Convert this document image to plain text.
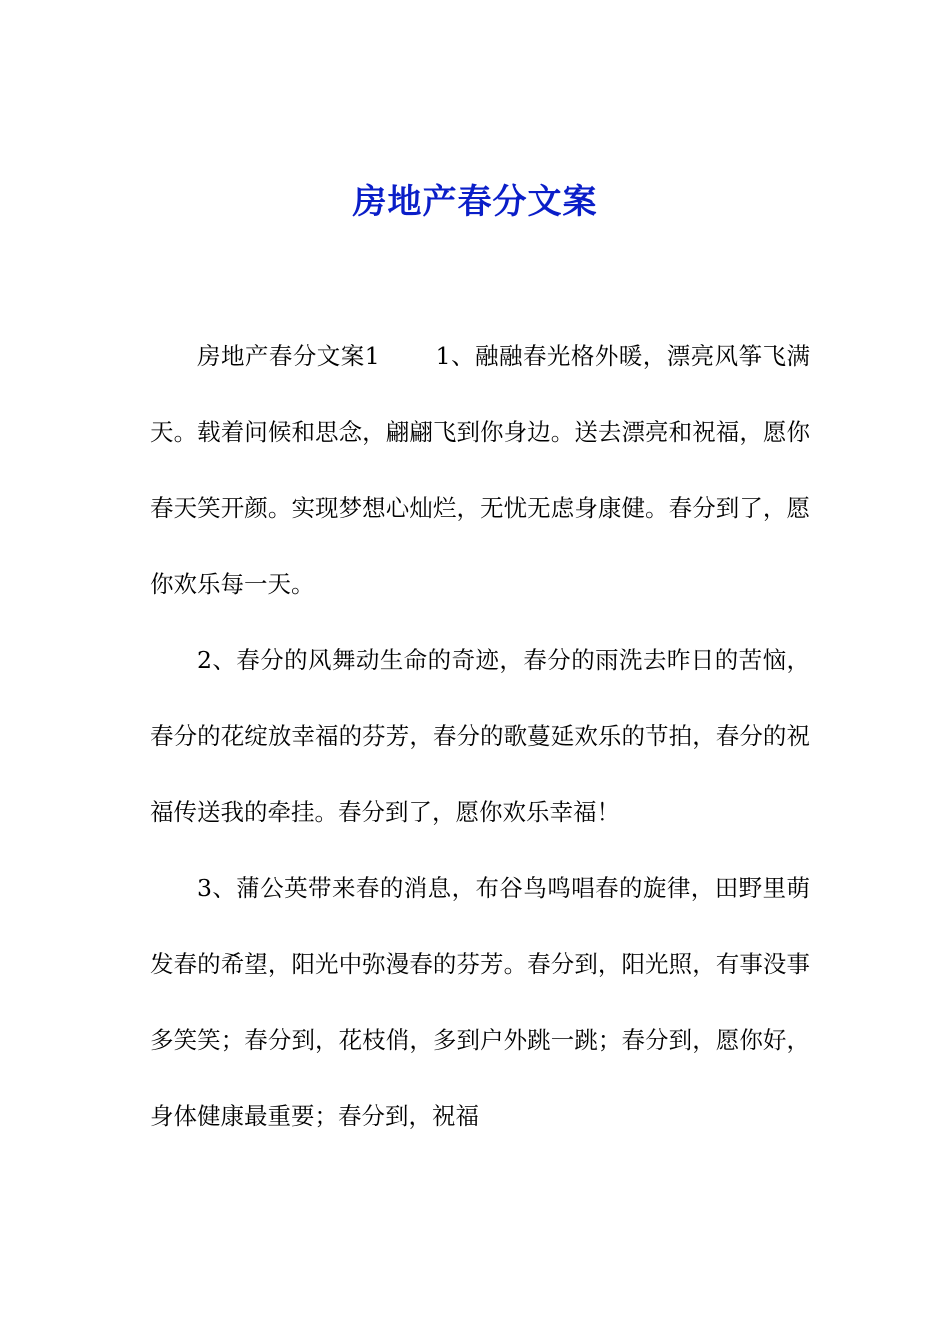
房地产春分文案

房地产春分文案1 1、融融春光格外暖，漂亮风筝飞满天。载着问候和思念，翩翩飞到你身边。送去漂亮和祝福，愿你春天笑开颜。实现梦想心灿烂，无忧无虑身康健。春分到了，愿你欢乐每一天。

2、春分的风舞动生命的奇迹，春分的雨洗去昨日的苦恼，春分的花绽放幸福的芬芳，春分的歌蔓延欢乐的节拍，春分的祝福传送我的牵挂。春分到了，愿你欢乐幸福！

3、蒲公英带来春的消息，布谷鸟鸣唱春的旋律，田野里萌发春的希望，阳光中弥漫春的芬芳。春分到，阳光照，有事没事多笑笑；春分到，花枝俏，多到户外跳一跳；春分到，愿你好，身体健康最重要；春分到，祝福
